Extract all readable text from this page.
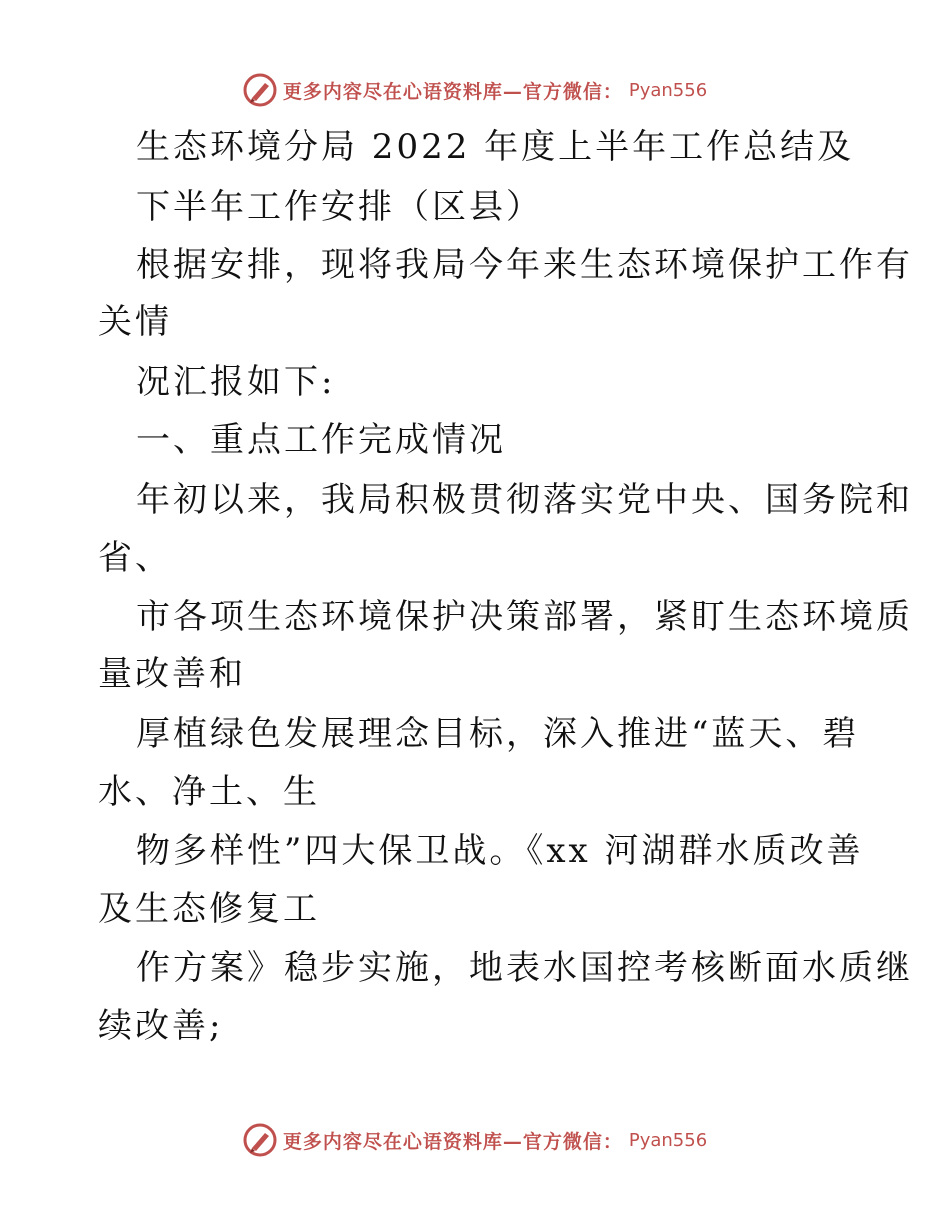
更多内容尽在心语资料库—官方微信： Pyan556
生态环境分局 2022 年度上半年工作总结及
下半年工作安排（区县）
根据安排，现将我局今年来生态环境保护工作有
关情
况汇报如下:
一、重点工作完成情况
年初以来，我局积极贯彻落实党中央、国务院和
省、
市各项生态环境保护决策部署，紧盯生态环境质
量改善和
厚植绿色发展理念目标，深入推进“蓝天、碧
水、净土、生
物多样性”四大保卫战。《xx 河湖群水质改善
及生态修复工
作方案》稳步实施，地表水国控考核断面水质继
续改善;
更多内容尽在心语资料库—官方微信： Pyan556
